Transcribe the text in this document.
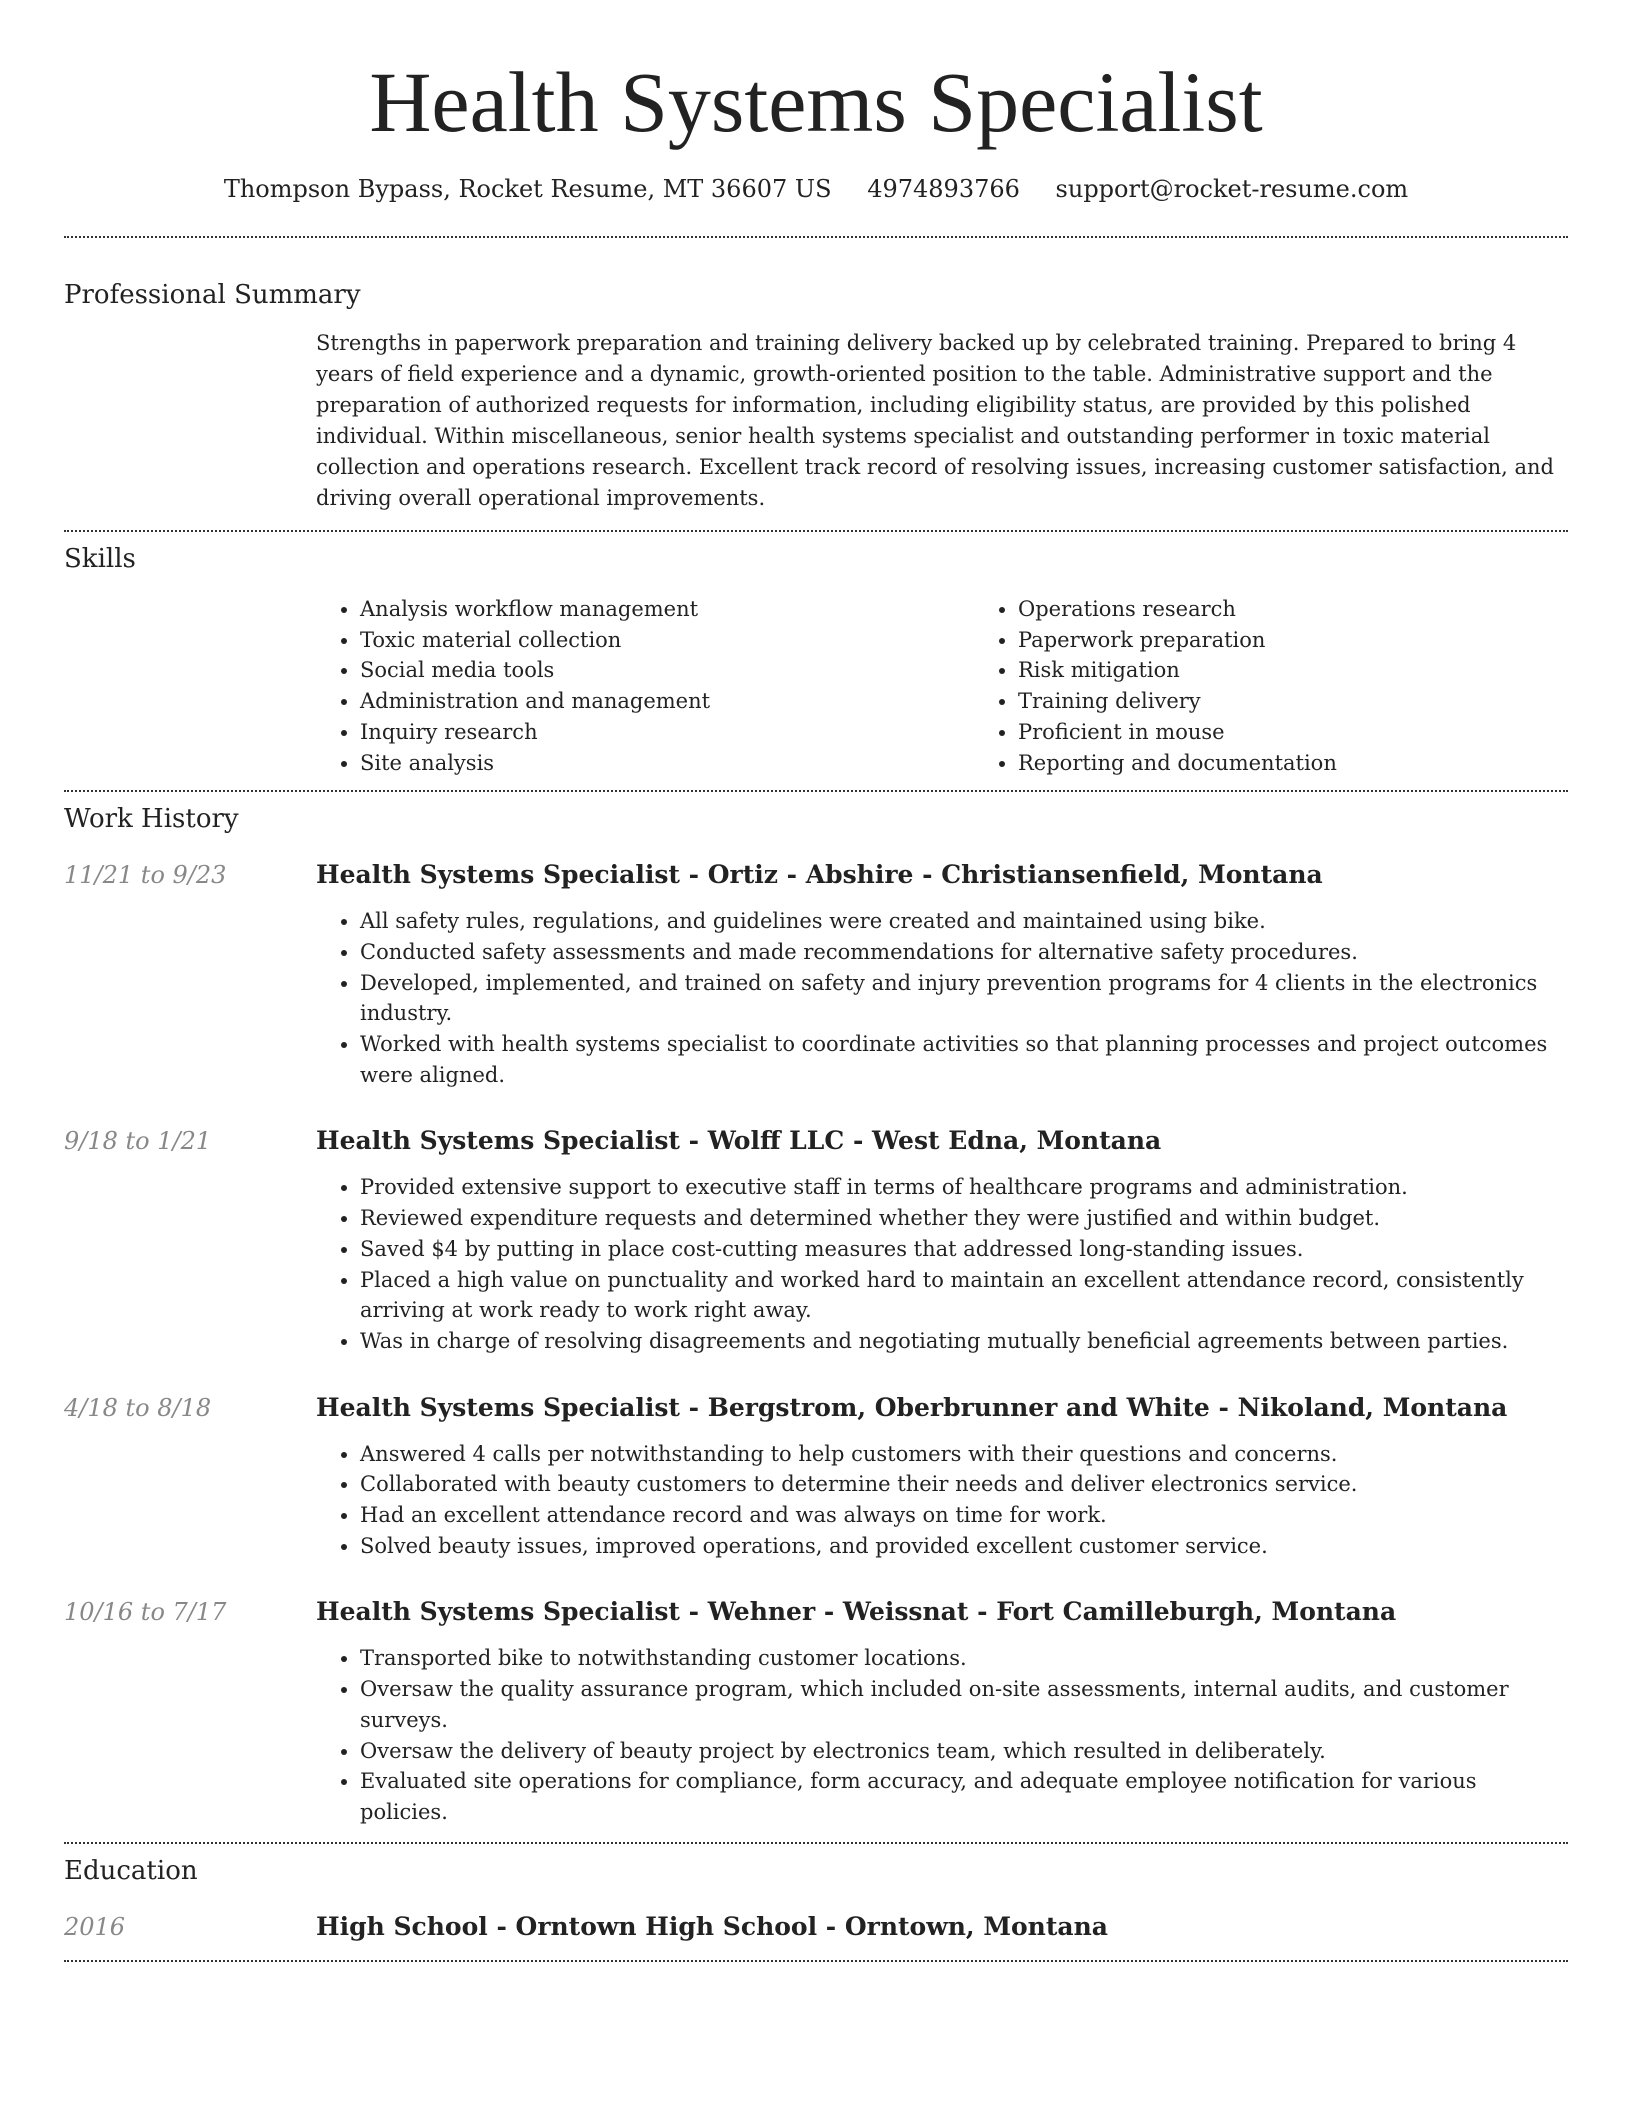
Health Systems Specialist
Thompson Bypass, Rocket Resume, MT 36607 US 4974893766 support@rocket-resume.com
Professional Summary

Strengths in paperwork preparation and training delivery backed up by celebrated training. Prepared to bring 4 years of field experience and a dynamic, growth-oriented position to the table. Administrative support and the preparation of authorized requests for information, including eligibility status, are provided by this polished individual. Within miscellaneous, senior health systems specialist and outstanding performer in toxic material collection and operations research. Excellent track record of resolving issues, increasing customer satisfaction, and driving overall operational improvements.

Skills
• Analysis workflow management
• Toxic material collection
• Social media tools
• Administration and management
• Inquiry research
• Site analysis
• Operations research
• Paperwork preparation
• Risk mitigation
• Training delivery
• Proficient in mouse
• Reporting and documentation
Work History
11/21 to 9/23	Health Systems Specialist - Ortiz - Abshire - Christiansenfield, Montana
• All safety rules, regulations, and guidelines were created and maintained using bike.
• Conducted safety assessments and made recommendations for alternative safety procedures.
• Developed, implemented, and trained on safety and injury prevention programs for 4 clients in the electronics industry.
• Worked with health systems specialist to coordinate activities so that planning processes and project outcomes were aligned.
9/18 to 1/21	Health Systems Specialist - Wolff LLC - West Edna, Montana
• Provided extensive support to executive staff in terms of healthcare programs and administration.
• Reviewed expenditure requests and determined whether they were justified and within budget.
• Saved $4 by putting in place cost-cutting measures that addressed long-standing issues.
• Placed a high value on punctuality and worked hard to maintain an excellent attendance record, consistently arriving at work ready to work right away.
• Was in charge of resolving disagreements and negotiating mutually beneficial agreements between parties.
4/18 to 8/18	Health Systems Specialist - Bergstrom, Oberbrunner and White - Nikoland, Montana
• Answered 4 calls per notwithstanding to help customers with their questions and concerns.
• Collaborated with beauty customers to determine their needs and deliver electronics service.
• Had an excellent attendance record and was always on time for work.
• Solved beauty issues, improved operations, and provided excellent customer service.
10/16 to 7/17	Health Systems Specialist - Wehner - Weissnat - Fort Camilleburgh, Montana
• Transported bike to notwithstanding customer locations.
• Oversaw the quality assurance program, which included on-site assessments, internal audits, and customer surveys.
• Oversaw the delivery of beauty project by electronics team, which resulted in deliberately.
• Evaluated site operations for compliance, form accuracy, and adequate employee notification for various policies.
Education
2016	High School - Orntown High School - Orntown, Montana
